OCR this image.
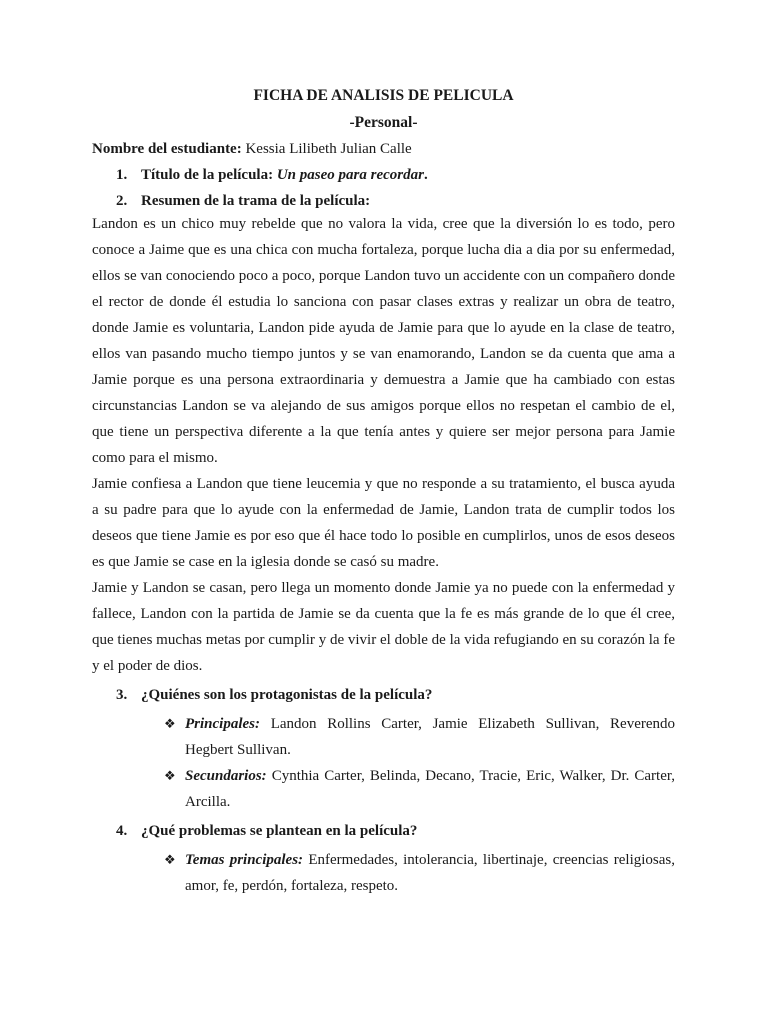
FICHA DE ANALISIS DE PELICULA
-Personal-
Nombre del estudiante: Kessia Lilibeth Julian Calle
1. Título de la película: Un paseo para recordar.
2. Resumen de la trama de la película:

Landon es un chico muy rebelde que no valora la vida, cree que la diversión lo es todo, pero conoce a Jaime que es una chica con mucha fortaleza, porque lucha dia a dia por su enfermedad, ellos se van conociendo poco a poco, porque Landon tuvo un accidente con un compañero donde el rector de donde él estudia lo sanciona con pasar clases extras y realizar un obra de teatro, donde Jamie es voluntaria, Landon pide ayuda de Jamie para que lo ayude en la clase de teatro, ellos van pasando mucho tiempo juntos y se van enamorando, Landon se da cuenta que ama a Jamie porque es una persona extraordinaria y demuestra a Jamie que ha cambiado con estas circunstancias Landon se va alejando de sus amigos porque ellos no respetan el cambio de el, que tiene un perspectiva diferente a la que tenía antes y quiere ser mejor persona para Jamie como para el mismo.

Jamie confiesa a Landon que tiene leucemia y que no responde a su tratamiento, el busca ayuda a su padre para que lo ayude con la enfermedad de Jamie, Landon trata de cumplir todos los deseos que tiene Jamie es por eso que él hace todo lo posible en cumplirlos, unos de esos deseos es que Jamie se case en la iglesia donde se casó su madre.

Jamie y Landon se casan, pero llega un momento donde Jamie ya no puede con la enfermedad y fallece, Landon con la partida de Jamie se da cuenta que la fe es más grande de lo que él cree, que tienes muchas metas por cumplir y de vivir el doble de la vida refugiando en su corazón la fe y el poder de dios.

3. ¿Quiénes son los protagonistas de la película?
❖ Principales: Landon Rollins Carter, Jamie Elizabeth Sullivan, Reverendo Hegbert Sullivan.
❖ Secundarios: Cynthia Carter, Belinda, Decano, Tracie, Eric, Walker, Dr. Carter, Arcilla.
4. ¿Qué problemas se plantean en la película?
❖ Temas principales: Enfermedades, intolerancia, libertinaje, creencias religiosas, amor, fe, perdón, fortaleza, respeto.
